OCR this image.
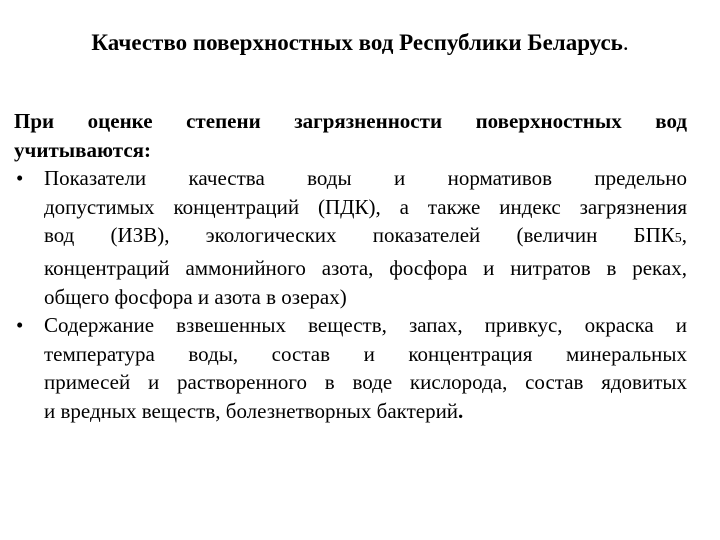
Качество поверхностных вод Республики Беларусь.

При оценке степени загрязненности поверхностных вод
учитываются:

• Показатели качества воды и нормативов предельно
допустимых концентраций (ПДК), а также индекс загрязнения
вод (ИЗВ), экологических показателей (величин БПК5,
концентраций аммонийного азота, фосфора и нитратов в реках,
общего фосфора и азота в озерах)
• Содержание взвешенных веществ, запах, привкус, окраска и
температура воды, состав и концентрация минеральных
примесей и растворенного в воде кислорода, состав ядовитых
и вредных веществ, болезнетворных бактерий.
